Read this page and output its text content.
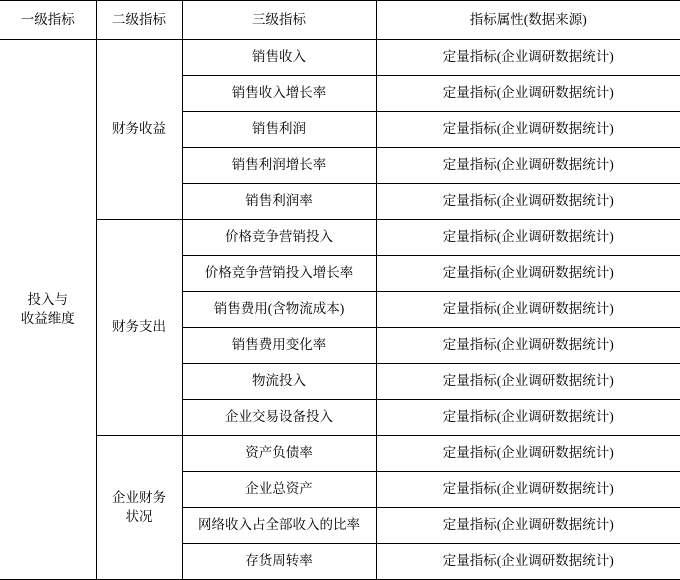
一级指标	二级指标	三级指标	指标属性(数据来源)

投入与
收益维度	财务收益	销售收入	定量指标(企业调研数据统计)
		销售收入增长率	定量指标(企业调研数据统计)
		销售利润	定量指标(企业调研数据统计)
		销售利润增长率	定量指标(企业调研数据统计)
		销售利润率	定量指标(企业调研数据统计)

	财务支出	价格竞争营销投入	定量指标(企业调研数据统计)
		价格竞争营销投入增长率	定量指标(企业调研数据统计)
		销售费用(含物流成本)	定量指标(企业调研数据统计)
		销售费用变化率	定量指标(企业调研数据统计)
		物流投入	定量指标(企业调研数据统计)
		企业交易设备投入	定量指标(企业调研数据统计)

	企业财务
状况	资产负债率	定量指标(企业调研数据统计)
		企业总资产	定量指标(企业调研数据统计)
		网络收入占全部收入的比率	定量指标(企业调研数据统计)
		存货周转率	定量指标(企业调研数据统计)
